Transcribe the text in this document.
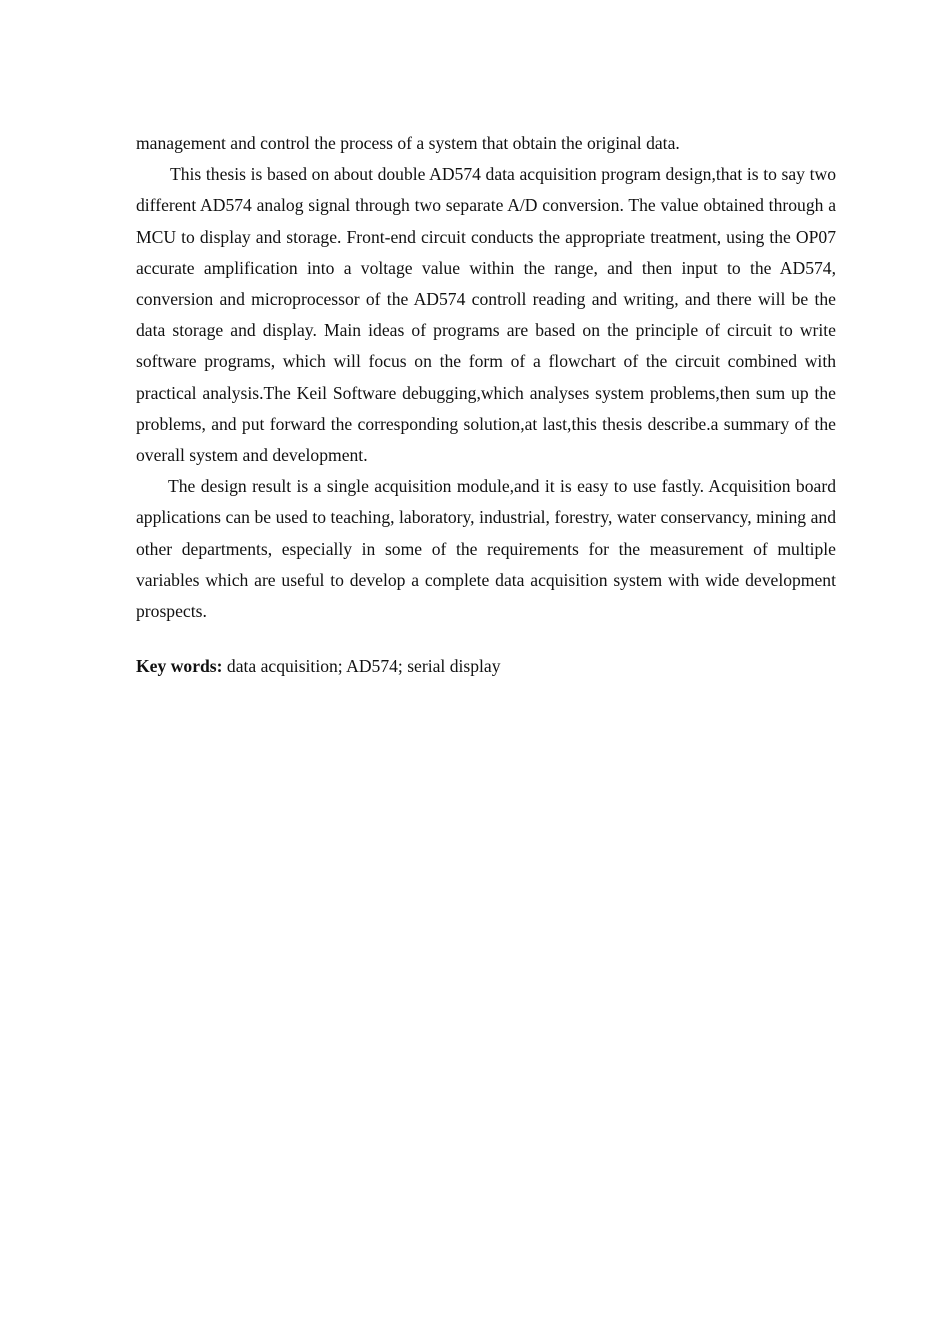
management and control the process of a system that obtain the original data.

This thesis is based on about double AD574 data acquisition program design,that is to say two different AD574 analog signal through two separate A/D conversion. The value obtained through a MCU to display and storage. Front-end circuit conducts the appropriate treatment, using the OP07 accurate amplification into a voltage value within the range, and then input to the AD574, conversion and microprocessor of the AD574 controll reading and writing, and there will be the data storage and display. Main ideas of programs are based on the principle of circuit to write software programs, which will focus on the form of a flowchart of the circuit combined with practical analysis.The Keil Software debugging,which analyses system problems,then sum up the problems, and put forward the corresponding solution,at last,this thesis describe.a summary of the overall system and development.

The design result is a single acquisition module,and it is easy to use fastly. Acquisition board applications can be used to teaching, laboratory, industrial, forestry, water conservancy, mining and other departments, especially in some of the requirements for the measurement of multiple variables which are useful to develop a complete data acquisition system with wide development prospects.

Key words: data acquisition; AD574; serial display
